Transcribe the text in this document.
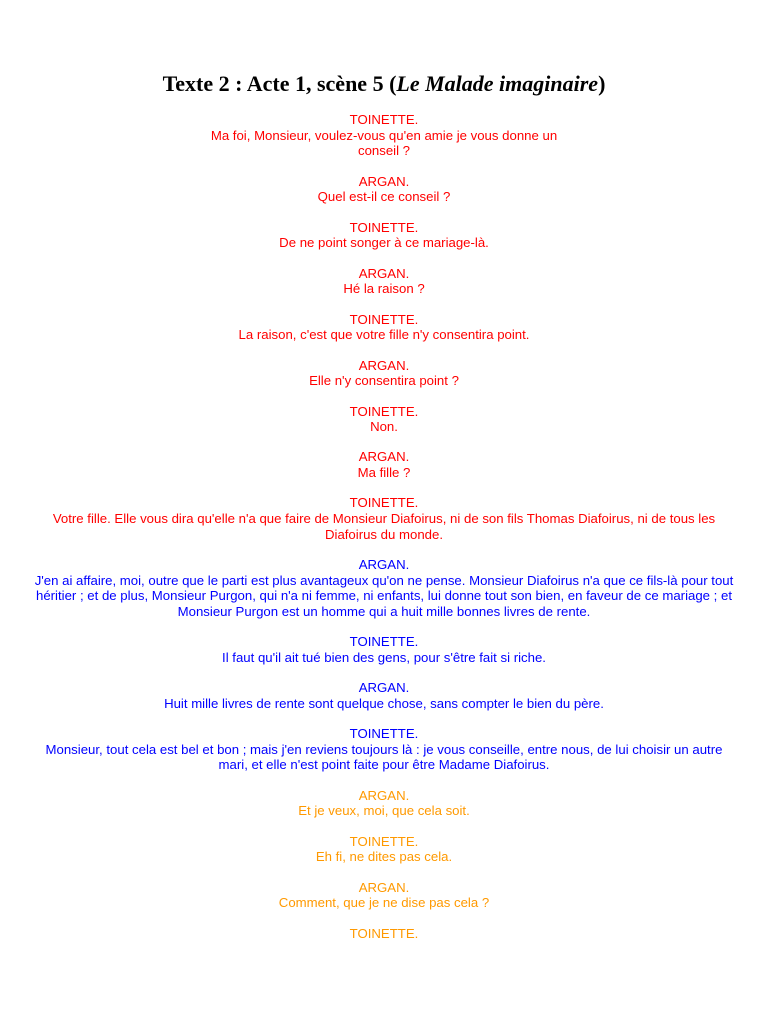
Texte 2 : Acte 1, scène 5 (Le Malade imaginaire)
TOINETTE.
Ma foi, Monsieur, voulez-vous qu'en amie je vous donne un conseil ?
ARGAN.
Quel est-il ce conseil ?
TOINETTE.
De ne point songer à ce mariage-là.
ARGAN.
Hé la raison ?
TOINETTE.
La raison, c'est que votre fille n'y consentira point.
ARGAN.
Elle n'y consentira point ?
TOINETTE.
Non.
ARGAN.
Ma fille ?
TOINETTE.
Votre fille. Elle vous dira qu'elle n'a que faire de Monsieur Diafoirus, ni de son fils Thomas Diafoirus, ni de tous les Diafoirus du monde.
ARGAN.
J'en ai affaire, moi, outre que le parti est plus avantageux qu'on ne pense. Monsieur Diafoirus n'a que ce fils-là pour tout héritier ; et de plus, Monsieur Purgon, qui n'a ni femme, ni enfants, lui donne tout son bien, en faveur de ce mariage ; et Monsieur Purgon est un homme qui a huit mille bonnes livres de rente.
TOINETTE.
Il faut qu'il ait tué bien des gens, pour s'être fait si riche.
ARGAN.
Huit mille livres de rente sont quelque chose, sans compter le bien du père.
TOINETTE.
Monsieur, tout cela est bel et bon ; mais j'en reviens toujours là : je vous conseille, entre nous, de lui choisir un autre mari, et elle n'est point faite pour être Madame Diafoirus.
ARGAN.
Et je veux, moi, que cela soit.
TOINETTE.
Eh fi, ne dites pas cela.
ARGAN.
Comment, que je ne dise pas cela ?
TOINETTE.
